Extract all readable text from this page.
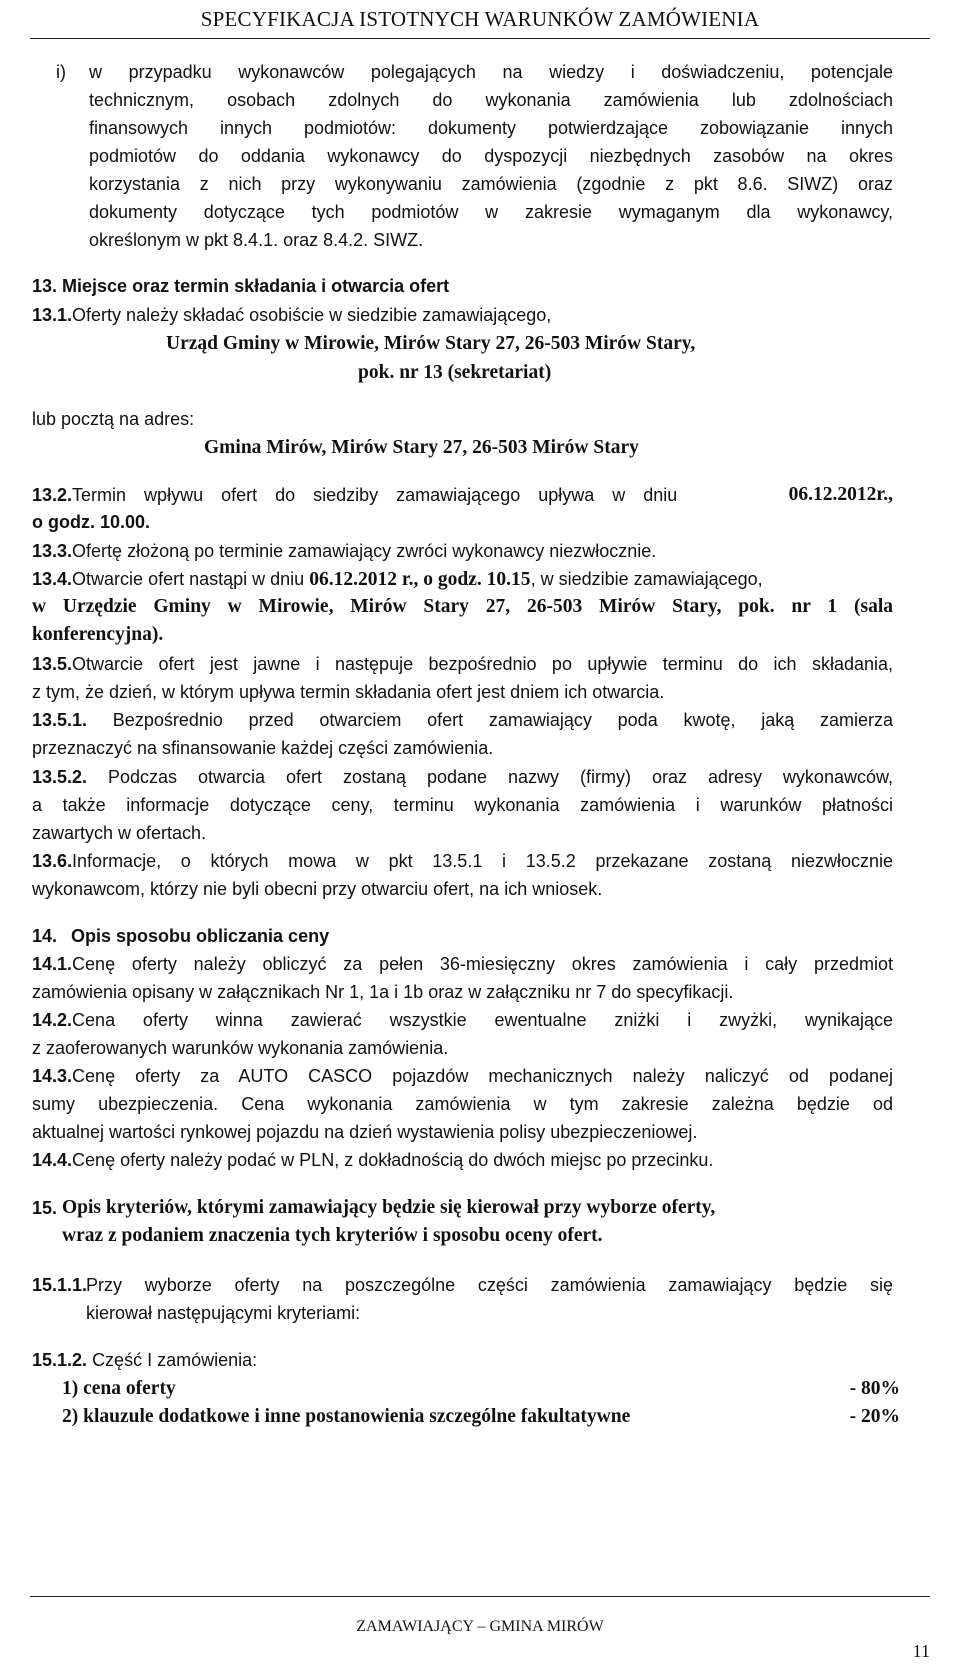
SPECYFIKACJA ISTOTNYCH WARUNKÓW ZAMÓWIENIA
i) w przypadku wykonawców polegających na wiedzy i doświadczeniu, potencjale
technicznym, osobach zdolnych do wykonania zamówienia lub zdolnościach
finansowych innych podmiotów: dokumenty potwierdzające zobowiązanie innych
podmiotów do oddania wykonawcy do dyspozycji niezbędnych zasobów na okres
korzystania z nich przy wykonywaniu zamówienia (zgodnie z pkt 8.6. SIWZ) oraz
dokumenty dotyczące tych podmiotów w zakresie wymaganym dla wykonawcy,
określonym w pkt 8.4.1. oraz 8.4.2. SIWZ.
13. Miejsce oraz termin składania i otwarcia ofert
13.1.Oferty należy składać osobiście w siedzibie zamawiającego,
Urząd Gminy w Mirowie, Mirów Stary 27, 26-503 Mirów Stary,
pok. nr 13 (sekretariat)
lub pocztą na adres:
Gmina Mirów, Mirów Stary 27, 26-503 Mirów Stary
13.2.Termin wpływu ofert do siedziby zamawiającego upływa w dniu	06.12.2012r.,
o godz. 10.00.
13.3.Ofertę złożoną po terminie zamawiający zwróci wykonawcy niezwłocznie.
13.4.Otwarcie ofert nastąpi w dniu 06.12.2012 r., o godz. 10.15, w siedzibie zamawiającego,
w Urzędzie Gminy w Mirowie, Mirów Stary 27, 26-503 Mirów Stary, pok. nr 1 (sala
konferencyjna).
13.5.Otwarcie ofert jest jawne i następuje bezpośrednio po upływie terminu do ich składania,
z tym, że dzień, w którym upływa termin składania ofert jest dniem ich otwarcia.
13.5.1. Bezpośrednio przed otwarciem ofert zamawiający poda kwotę, jaką zamierza
przeznaczyć na sfinansowanie każdej części zamówienia.
13.5.2. Podczas otwarcia ofert zostaną podane nazwy (firmy) oraz adresy wykonawców,
a także informacje dotyczące ceny, terminu wykonania zamówienia i warunków płatności
zawartych w ofertach.
13.6.Informacje, o których mowa w pkt 13.5.1 i 13.5.2 przekazane zostaną niezwłocznie
wykonawcom, którzy nie byli obecni przy otwarciu ofert, na ich wniosek.
14. Opis sposobu obliczania ceny
14.1.Cenę oferty należy obliczyć za pełen 36-miesięczny okres zamówienia i cały przedmiot
zamówienia opisany w załącznikach Nr 1, 1a i 1b oraz w załączniku nr 7 do specyfikacji.
14.2.Cena oferty winna zawierać wszystkie ewentualne zniżki i zwyżki, wynikające
z zaoferowanych warunków wykonania zamówienia.
14.3.Cenę oferty za AUTO CASCO pojazdów mechanicznych należy naliczyć od podanej
sumy ubezpieczenia. Cena wykonania zamówienia w tym zakresie zależna będzie od
aktualnej wartości rynkowej pojazdu na dzień wystawienia polisy ubezpieczeniowej.
14.4.Cenę oferty należy podać w PLN, z dokładnością do dwóch miejsc po przecinku.
15. Opis kryteriów, którymi zamawiający będzie się kierował przy wyborze oferty,
wraz z podaniem znaczenia tych kryteriów i sposobu oceny ofert.
15.1.1.
Przy wyborze oferty na poszczególne części zamówienia zamawiający będzie się
kierował następującymi kryteriami:
15.1.2. Część I zamówienia:
1) cena oferty	- 80%
2) klauzule dodatkowe i inne postanowienia szczególne fakultatywne	- 20%
ZAMAWIAJĄCY – GMINA MIRÓW
11
